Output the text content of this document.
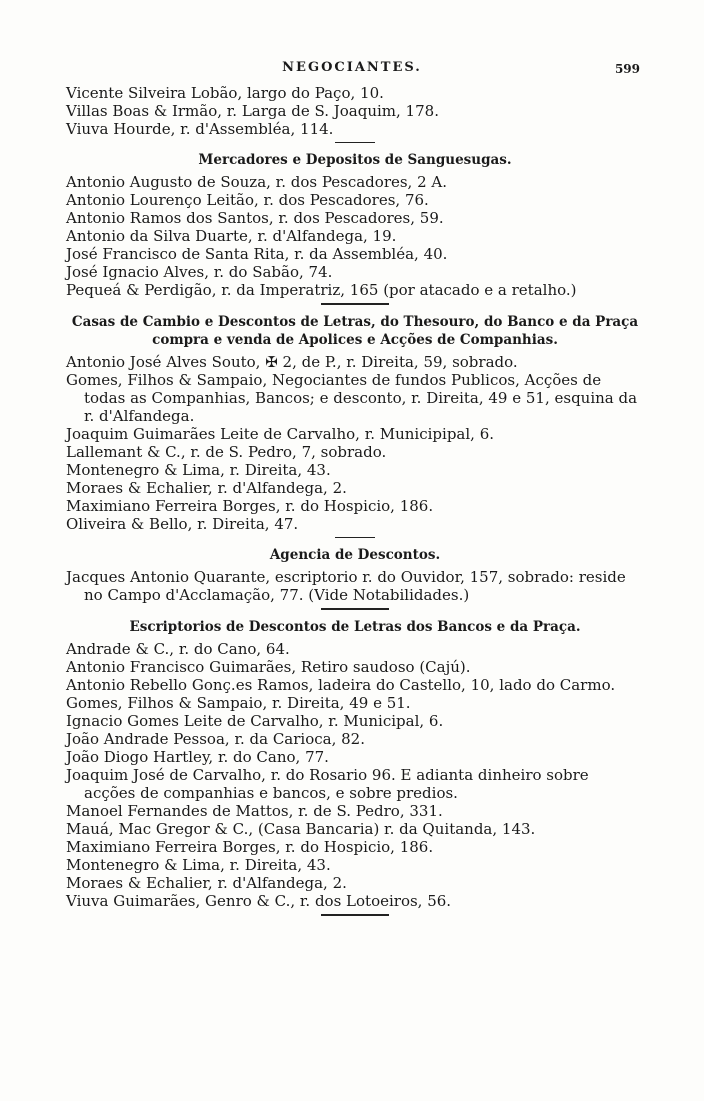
NEGOCIANTES.	599

Vicente Silveira Lobão, largo do Paço, 10.

Villas Boas & Irmão, r. Larga de S. Joaquim, 178.

Viuva Hourde, r. d'Assembléa, 114.

Mercadores e Depositos de Sanguesugas.

Antonio Augusto de Souza, r. dos Pescadores, 2 A.

Antonio Lourenço Leitão, r. dos Pescadores, 76.

Antonio Ramos dos Santos, r. dos Pescadores, 59.

Antonio da Silva Duarte, r. d'Alfandega, 19.

José Francisco de Santa Rita, r. da Assembléa, 40.

José Ignacio Alves, r. do Sabão, 74.

Pequeá & Perdigão, r. da Imperatriz, 165 (por atacado e a retalho.)

Casas de Cambio e Descontos de Letras, do Thesouro, do Banco e da Praça compra e venda de Apolices e Acções de Companhias.

Antonio José Alves Souto, ✠ 2, de P., r. Direita, 59, sobrado.

Gomes, Filhos & Sampaio, Negociantes de fundos Publicos, Acções de todas as Companhias, Bancos; e desconto, r. Direita, 49 e 51, esquina da r. d'Alfandega.

Joaquim Guimarães Leite de Carvalho, r. Municipipal, 6.

Lallemant & C., r. de S. Pedro, 7, sobrado.

Montenegro & Lima, r. Direita, 43.

Moraes & Echalier, r. d'Alfandega, 2.

Maximiano Ferreira Borges, r. do Hospicio, 186.

Oliveira & Bello, r. Direita, 47.

Agencia de Descontos.

Jacques Antonio Quarante, escriptorio r. do Ouvidor, 157, sobrado: reside no Campo d'Acclamação, 77. (Vide Notabilidades.)

Escriptorios de Descontos de Letras dos Bancos e da Praça.

Andrade & C., r. do Cano, 64.

Antonio Francisco Guimarães, Retiro saudoso (Cajú).

Antonio Rebello Gonç.es Ramos, ladeira do Castello, 10, lado do Carmo.

Gomes, Filhos & Sampaio, r. Direita, 49 e 51.

Ignacio Gomes Leite de Carvalho, r. Municipal, 6.

João Andrade Pessoa, r. da Carioca, 82.

João Diogo Hartley, r. do Cano, 77.

Joaquim José de Carvalho, r. do Rosario 96. E adianta dinheiro sobre acções de companhias e bancos, e sobre predios.

Manoel Fernandes de Mattos, r. de S. Pedro, 331.

Mauá, Mac Gregor & C., (Casa Bancaria) r. da Quitanda, 143.

Maximiano Ferreira Borges, r. do Hospicio, 186.

Montenegro & Lima, r. Direita, 43.

Moraes & Echalier, r. d'Alfandega, 2.

Viuva Guimarães, Genro & C., r. dos Lotoeiros, 56.
